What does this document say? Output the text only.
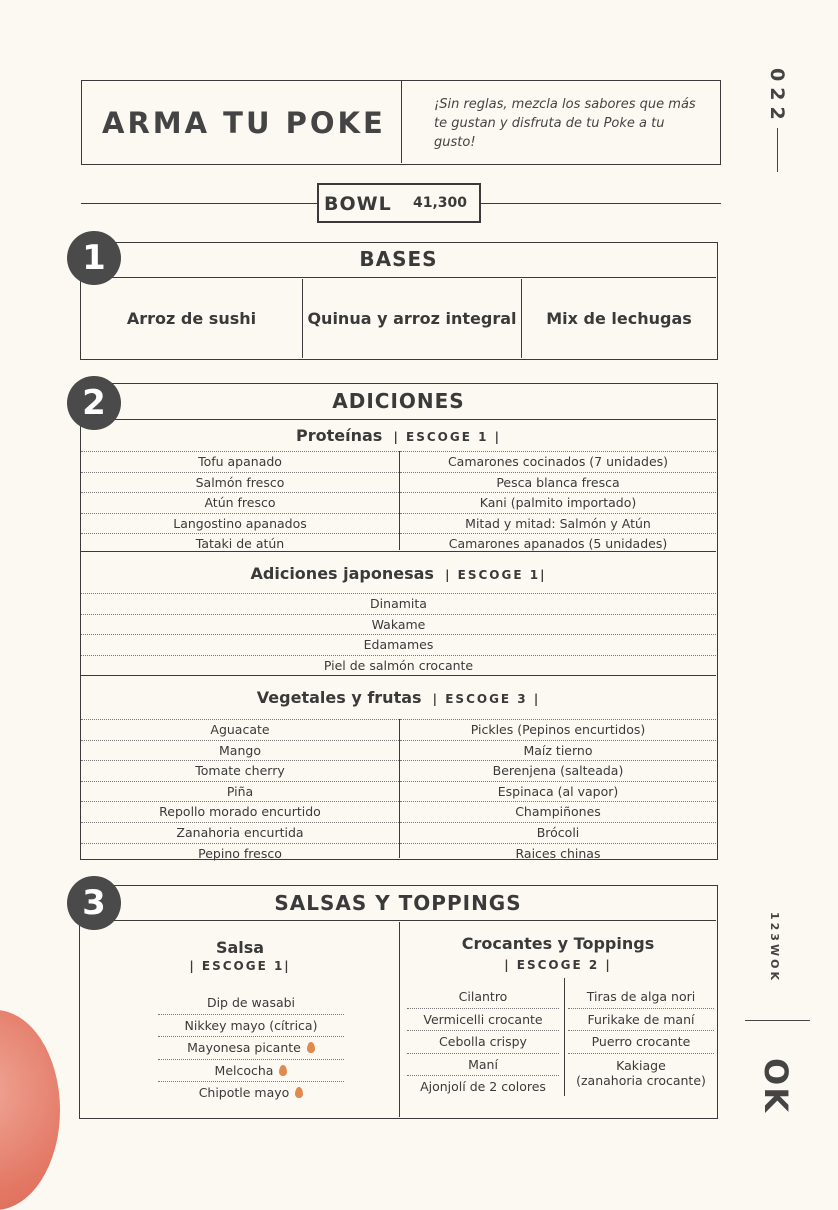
022
123WOK
OK
ARMA TU POKE
¡Sin reglas, mezcla los sabores que más te gustan y disfruta de tu Poke a tu gusto!
BOWL 41,300
BASES
Arroz de sushi	Quinua y arroz integral	Mix de lechugas
1
ADICIONES
Proteínas | ESCOGE 1 |
Tofu apanado
Salmón fresco
Atún fresco
Langostino apanados
Tataki de atún
Camarones cocinados (7 unidades)
Pesca blanca fresca
Kani (palmito importado)
Mitad y mitad: Salmón y Atún
Camarones apanados (5 unidades)
Adiciones japonesas | ESCOGE 1|
Dinamita
Wakame
Edamames
Piel de salmón crocante
Vegetales y frutas | ESCOGE 3 |
Aguacate
Mango
Tomate cherry
Piña
Repollo morado encurtido
Zanahoria encurtida
Pepino fresco
Pickles (Pepinos encurtidos)
Maíz tierno
Berenjena (salteada)
Espinaca (al vapor)
Champiñones
Brócoli
Raices chinas
2
SALSAS Y TOPPINGS
Salsa
| ESCOGE 1|
Dip de wasabi
Nikkey mayo (cítrica)
Mayonesa picante
Melcocha
Chipotle mayo
Crocantes y Toppings
| ESCOGE 2 |
Cilantro
Vermicelli crocante
Cebolla crispy
Maní
Ajonjolí de 2 colores
Tiras de alga nori
Furikake de maní
Puerro crocante
Kakiage
(zanahoria crocante)
3
